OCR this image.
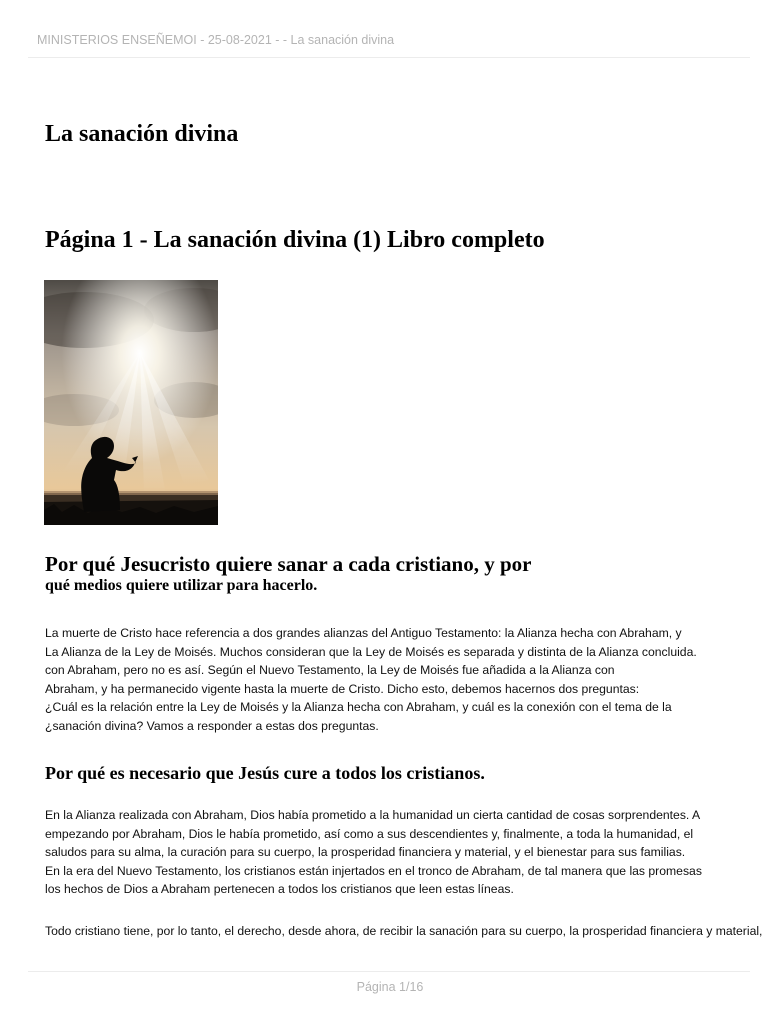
MINISTERIOS ENSEÑEMOI - 25-08-2021 - - La sanación divina
La sanación divina
Página 1 - La sanación divina (1) Libro completo
Por qué Jesucristo quiere sanar a cada cristiano, y por
qué medios quiere utilizar para hacerlo.

La muerte de Cristo hace referencia a dos grandes alianzas del Antiguo Testamento: la Alianza hecha con Abraham, y
La Alianza de la Ley de Moisés. Muchos consideran que la Ley de Moisés es separada y distinta de la Alianza concluida.
con Abraham, pero no es así. Según el Nuevo Testamento, la Ley de Moisés fue añadida a la Alianza con
Abraham, y ha permanecido vigente hasta la muerte de Cristo. Dicho esto, debemos hacernos dos preguntas:
¿Cuál es la relación entre la Ley de Moisés y la Alianza hecha con Abraham, y cuál es la conexión con el tema de la
¿sanación divina? Vamos a responder a estas dos preguntas.

Por qué es necesario que Jesús cure a todos los cristianos.

En la Alianza realizada con Abraham, Dios había prometido a la humanidad un cierta cantidad de cosas sorprendentes. A
empezando por Abraham, Dios le había prometido, así como a sus descendientes y, finalmente, a toda la humanidad, el
saludos para su alma, la curación para su cuerpo, la prosperidad financiera y material, y el bienestar para sus familias.
En la era del Nuevo Testamento, los cristianos están injertados en el tronco de Abraham, de tal manera que las promesas
los hechos de Dios a Abraham pertenecen a todos los cristianos que leen estas líneas.

Todo cristiano tiene, por lo tanto, el derecho, desde ahora, de recibir la sanación para su cuerpo, la prosperidad financiera y material,

Página 1/16
